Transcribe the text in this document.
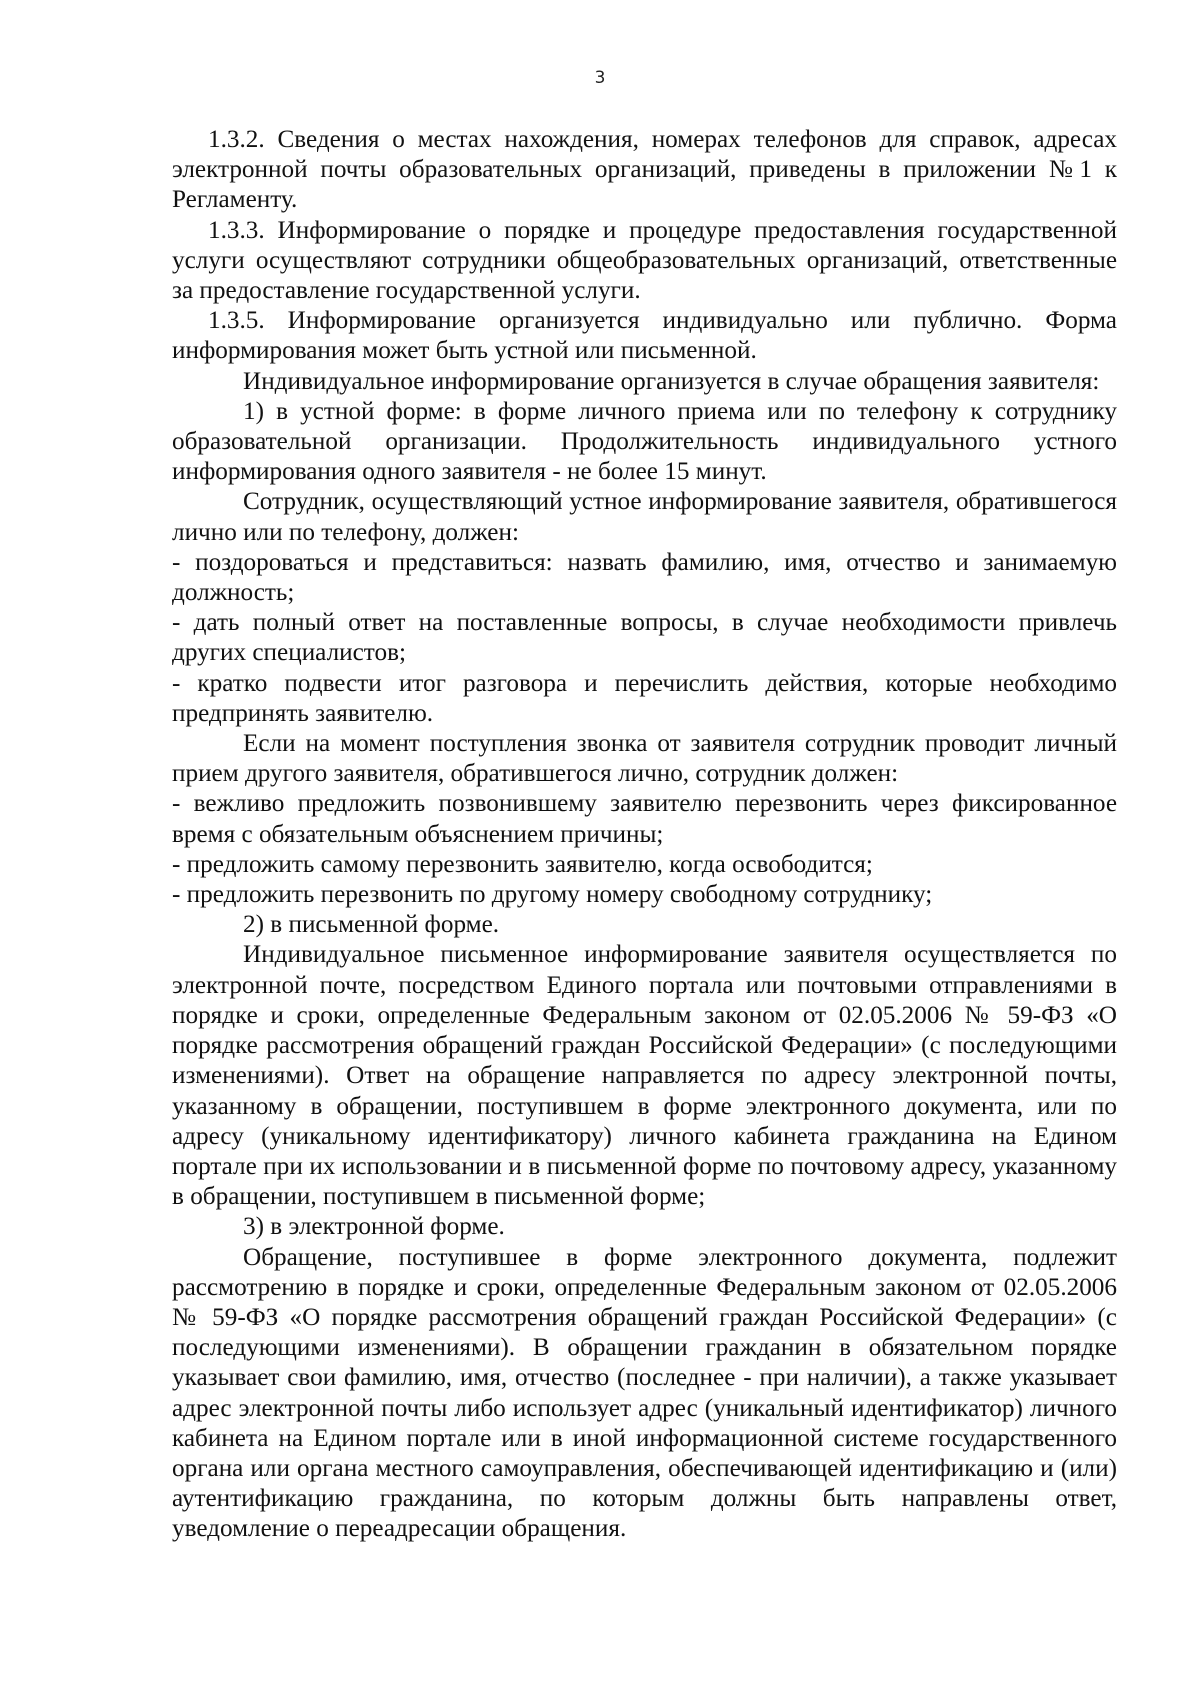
3

1.3.2. Сведения о местах нахождения, номерах телефонов для справок, адресах электронной почты образовательных организаций, приведены в приложении №1 к Регламенту.

1.3.3. Информирование о порядке и процедуре предоставления государственной услуги осуществляют сотрудники общеобразовательных организаций, ответственные за предоставление государственной услуги.

1.3.5. Информирование организуется индивидуально или публично. Форма информирования может быть устной или письменной.

Индивидуальное информирование организуется в случае обращения заявителя:

1) в устной форме: в форме личного приема или по телефону к сотруднику образовательной организации. Продолжительность индивидуального устного информирования одного заявителя - не более 15 минут.

Сотрудник, осуществляющий устное информирование заявителя, обратившегося лично или по телефону, должен:

- поздороваться и представиться: назвать фамилию, имя, отчество и занимаемую должность;

- дать полный ответ на поставленные вопросы, в случае необходимости привлечь других специалистов;

- кратко подвести итог разговора и перечислить действия, которые необходимо предпринять заявителю.

Если на момент поступления звонка от заявителя сотрудник проводит личный прием другого заявителя, обратившегося лично, сотрудник должен:

- вежливо предложить позвонившему заявителю перезвонить через фиксированное время с обязательным объяснением причины;

- предложить самому перезвонить заявителю, когда освободится;

- предложить перезвонить по другому номеру свободному сотруднику;

2) в письменной форме.

Индивидуальное письменное информирование заявителя осуществляется по электронной почте, посредством Единого портала или почтовыми отправлениями в порядке и сроки, определенные Федеральным законом от 02.05.2006 № 59-ФЗ «О порядке рассмотрения обращений граждан Российской Федерации» (с последующими изменениями). Ответ на обращение направляется по адресу электронной почты, указанному в обращении, поступившем в форме электронного документа, или по адресу (уникальному идентификатору) личного кабинета гражданина на Едином портале при их использовании и в письменной форме по почтовому адресу, указанному в обращении, поступившем в письменной форме;

3) в электронной форме.

Обращение, поступившее в форме электронного документа, подлежит рассмотрению в порядке и сроки, определенные Федеральным законом от 02.05.2006 № 59-ФЗ «О порядке рассмотрения обращений граждан Российской Федерации» (с последующими изменениями). В обращении гражданин в обязательном порядке указывает свои фамилию, имя, отчество (последнее - при наличии), а также указывает адрес электронной почты либо использует адрес (уникальный идентификатор) личного кабинета на Едином портале или в иной информационной системе государственного органа или органа местного самоуправления, обеспечивающей идентификацию и (или) аутентификацию гражданина, по которым должны быть направлены ответ, уведомление о переадресации обращения.
